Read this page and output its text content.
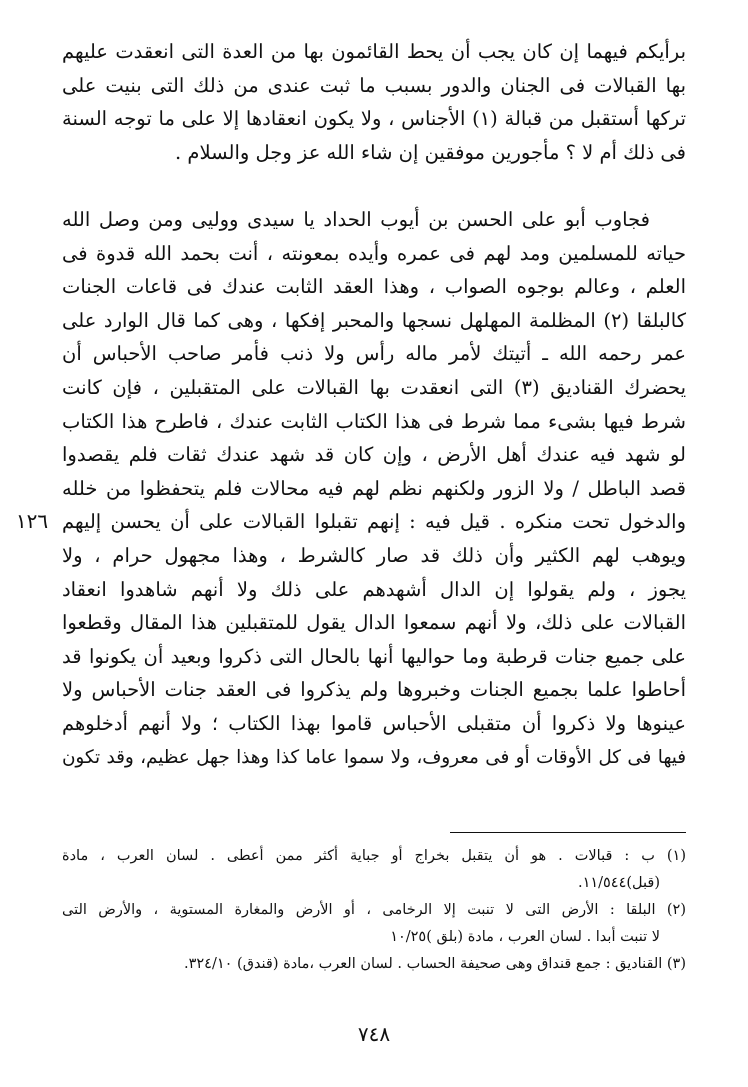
برأيكم فيهما إن كان يجب أن يحط القائمون بها من العدة التى انعقدت عليهم
بها القبالات فى الجنان والدور بسبب ما ثبت عندى من ذلك التى بنيت على
تركها أستقبل من قبالة (١) الأجناس ، ولا يكون انعقادها إلا على ما توجه السنة
فى ذلك أم لا ؟ مأجورين موفقين إن شاء الله عز وجل والسلام .
فجاوب أبو على الحسن بن أيوب الحداد يا سيدى ووليى ومن وصل الله
حياته للمسلمين ومد لهم فى عمره وأيده بمعونته ، أنت بحمد الله قدوة فى
العلم ، وعالم بوجوه الصواب ، وهذا العقد الثابت عندك فى قاعات الجنات
كالبلقا (٢) المظلمة المهلهل نسجها والمحبر إفكها ، وهى كما قال الوارد على
عمر رحمه الله ـ أتيتك لأمر ماله رأس ولا ذنب فأمر صاحب الأحباس أن
يحضرك القناديق (٣) التى انعقدت بها القبالات على المتقبلين ، فإن كانت
شرط فيها بشىء مما شرط فى هذا الكتاب الثابت عندك ، فاطرح هذا الكتاب
لو شهد فيه عندك أهل الأرض ، وإن كان قد شهد عندك ثقات فلم يقصدوا
قصد الباطل / ولا الزور ولكنهم نظم لهم فيه محالات فلم يتحفظوا من خلله
والدخول تحت منكره . قيل فيه : إنهم تقبلوا القبالات على أن يحسن إليهم
ويوهب لهم الكثير وأن ذلك قد صار كالشرط ، وهذا مجهول حرام ، ولا
يجوز ، ولم يقولوا إن الدال أشهدهم على ذلك ولا أنهم شاهدوا انعقاد
القبالات على ذلك، ولا أنهم سمعوا الدال يقول للمتقبلين هذا المقال وقطعوا
على جميع جنات قرطبة وما حواليها أنها بالحال التى ذكروا وبعيد أن يكونوا قد
أحاطوا علما بجميع الجنات وخبروها ولم يذكروا فى العقد جنات الأحباس ولا
عينوها ولا ذكروا أن متقبلى الأحباس قاموا بهذا الكتاب ؛ ولا أنهم أدخلوهم
فيها فى كل الأوقات أو فى معروف، ولا سموا عاما كذا وهذا جهل عظيم، وقد تكون
١٢٦
(١) ب : قبالات . هو أن يتقبل بخراج أو جباية أكثر ممن أعطى . لسان العرب ، مادة
(قبل)١١/٥٤٤.
(٢) البلقا : الأرض التى لا تنبت إلا الرخامى ، أو الأرض والمغارة المستوية ، والأرض التى
لا تنبت أبدا . لسان العرب ، مادة (بلق )١٠/٢٥
(٣) القناديق : جمع قنداق وهى صحيفة الحساب . لسان العرب ،مادة (قندق) ٣٢٤/١٠.
٧٤٨
